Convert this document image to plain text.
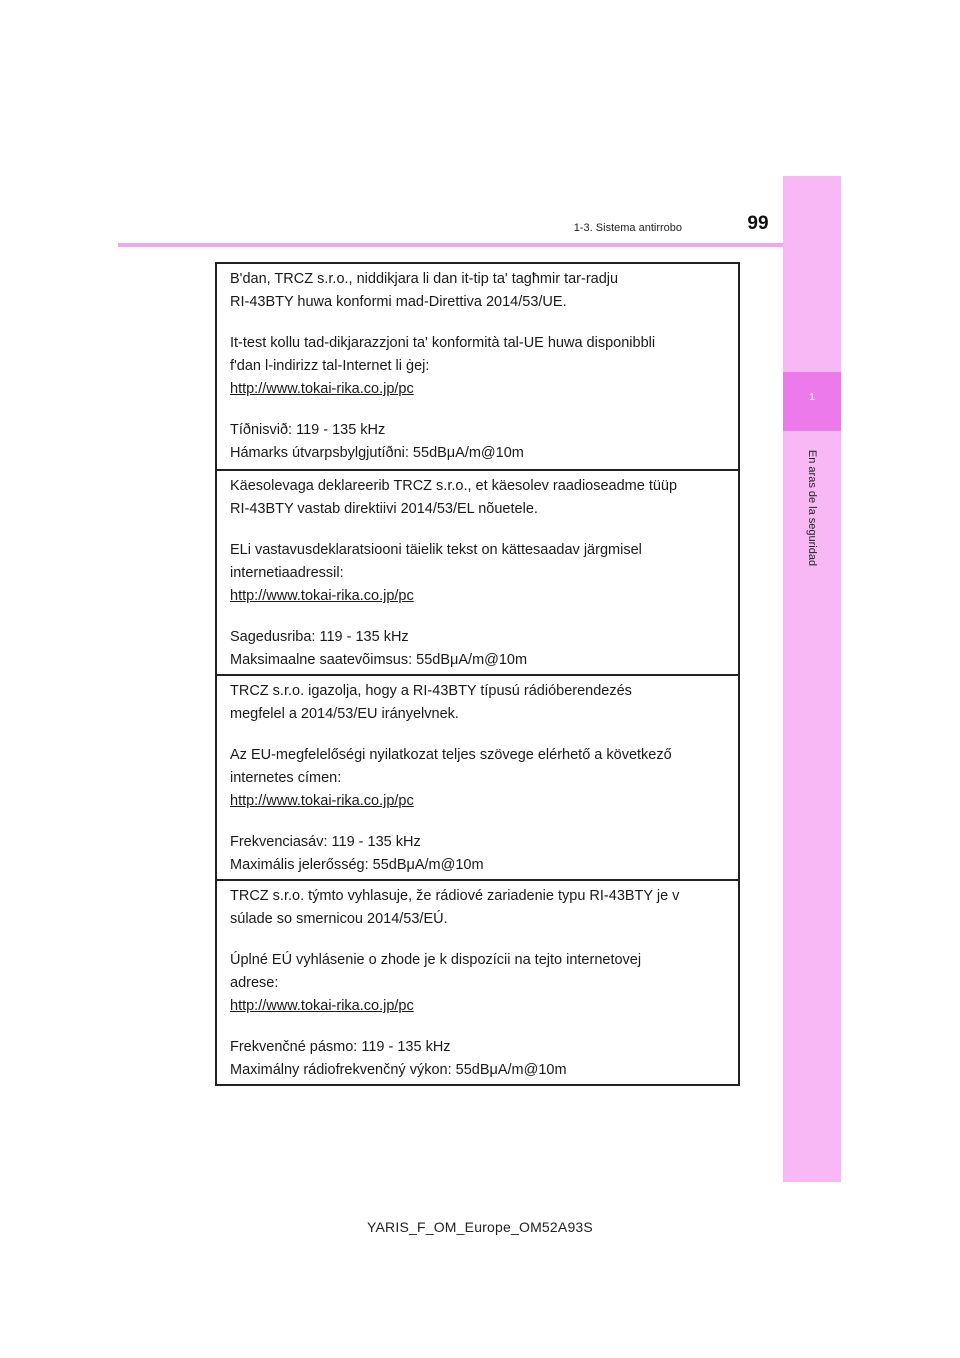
1
En aras de la seguridad
1-3. Sistema antirrobo	99

B'dan, TRCZ s.r.o., niddikjara li dan it-tip ta' tagħmir tar-radju

RI-43BTY huwa konformi mad-Direttiva 2014/53/UE.

It-test kollu tad-dikjarazzjoni ta' konformità tal-UE huwa disponibbli

f'dan l-indirizz tal-Internet li ġej:

http://www.tokai-rika.co.jp/pc

Tíðnisvið: 119 - 135 kHz

Hámarks útvarpsbylgjutíðni: 55dBμA/m@10m

Käesolevaga deklareerib TRCZ s.r.o., et käesolev raadioseadme tüüp

RI-43BTY vastab direktiivi 2014/53/EL nõuetele.

ELi vastavusdeklaratsiooni täielik tekst on kättesaadav järgmisel

internetiaadressil:

http://www.tokai-rika.co.jp/pc

Sagedusriba: 119 - 135 kHz

Maksimaalne saatevõimsus: 55dBμA/m@10m

TRCZ s.r.o. igazolja, hogy a RI-43BTY típusú rádióberendezés

megfelel a 2014/53/EU irányelvnek.

Az EU-megfelelőségi nyilatkozat teljes szövege elérhető a következő

internetes címen:

http://www.tokai-rika.co.jp/pc

Frekvenciasáv: 119 - 135 kHz

Maximális jelerősség: 55dBμA/m@10m

TRCZ s.r.o. týmto vyhlasuje, že rádiové zariadenie typu RI-43BTY je v

súlade so smernicou 2014/53/EÚ.

Úplné EÚ vyhlásenie o zhode je k dispozícii na tejto internetovej

adrese:

http://www.tokai-rika.co.jp/pc

Frekvenčné pásmo: 119 - 135 kHz

Maximálny rádiofrekvenčný výkon: 55dBμA/m@10m

YARIS_F_OM_Europe_OM52A93S
